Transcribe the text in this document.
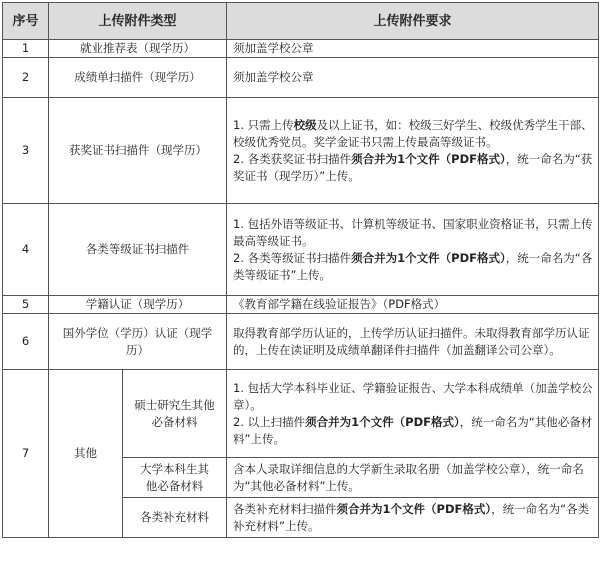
序号	上传附件类型		上传附件要求
1	就业推荐表（现学历）		须加盖学校公章
2	成绩单扫描件（现学历）		须加盖学校公章
3	获奖证书扫描件（现学历）		1. 只需上传校级及以上证书，如：校级三好学生、校级优秀学生干部、校级优秀党员。奖学金证书只需上传最高等级证书。
2. 各类获奖证书扫描件须合并为1个文件（PDF格式），统一命名为“获奖证书（现学历）”上传。

4	各类等级证书扫描件		1. 包括外语等级证书、计算机等级证书、国家职业资格证书，只需上传最高等级证书。
2. 各类等级证书扫描件须合并为1个文件（PDF格式），统一命名为“各类等级证书”上传。

5	学籍认证（现学历）		《教育部学籍在线验证报告》（PDF格式）
6	国外学位（学历）认证（现学历）		取得教育部学历认证的，上传学历认证扫描件。未取得教育部学历认证的，上传在读证明及成绩单翻译件扫描件（加盖翻译公司公章）。
7	其他	硕士研究生其他必备材料	1. 包括大学本科毕业证、学籍验证报告、大学本科成绩单（加盖学校公章）。
2. 以上扫描件须合并为1个文件（PDF格式），统一命名为“其他必备材料”上传。

		大学本科生其他必备材料	含本人录取详细信息的大学新生录取名册（加盖学校公章），统一命名为“其他必备材料”上传。
		各类补充材料	各类补充材料扫描件须合并为1个文件（PDF格式），统一命名为“各类补充材料”上传。
